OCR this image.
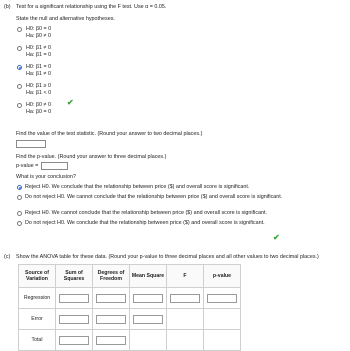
(b) Test for a significant relationship using the F test. Use α = 0.05.
State the null and alternative hypotheses.
H0: β0 = 0
Ha: β0 ≠ 0
H0: β1 ≠ 0
Ha: β1 = 0
H0: β1 = 0
Ha: β1 ≠ 0
H0: β1 ≥ 0
Ha: β1 < 0
H0: β0 ≠ 0
Ha: β0 = 0
✔
Find the value of the test statistic. (Round your answer to two decimal places.)
Find the p-value. (Round your answer to three decimal places.)
p-value =
What is your conclusion?
Reject H0. We conclude that the relationship between price ($) and overall score is significant.
Do not reject H0. We cannot conclude that the relationship between price ($) and overall score is significant.
Reject H0. We cannot conclude that the relationship between price ($) and overall score is significant.
Do not reject H0. We conclude that the relationship between price ($) and overall score is significant.
✔
(c) Show the ANOVA table for these data. (Round your p-value to three decimal places and all other values to two decimal places.)
Source of Variation	Sum of Squares	Degrees of Freedom	Mean Square	F	p-value
Regression					
Error					
Total					
